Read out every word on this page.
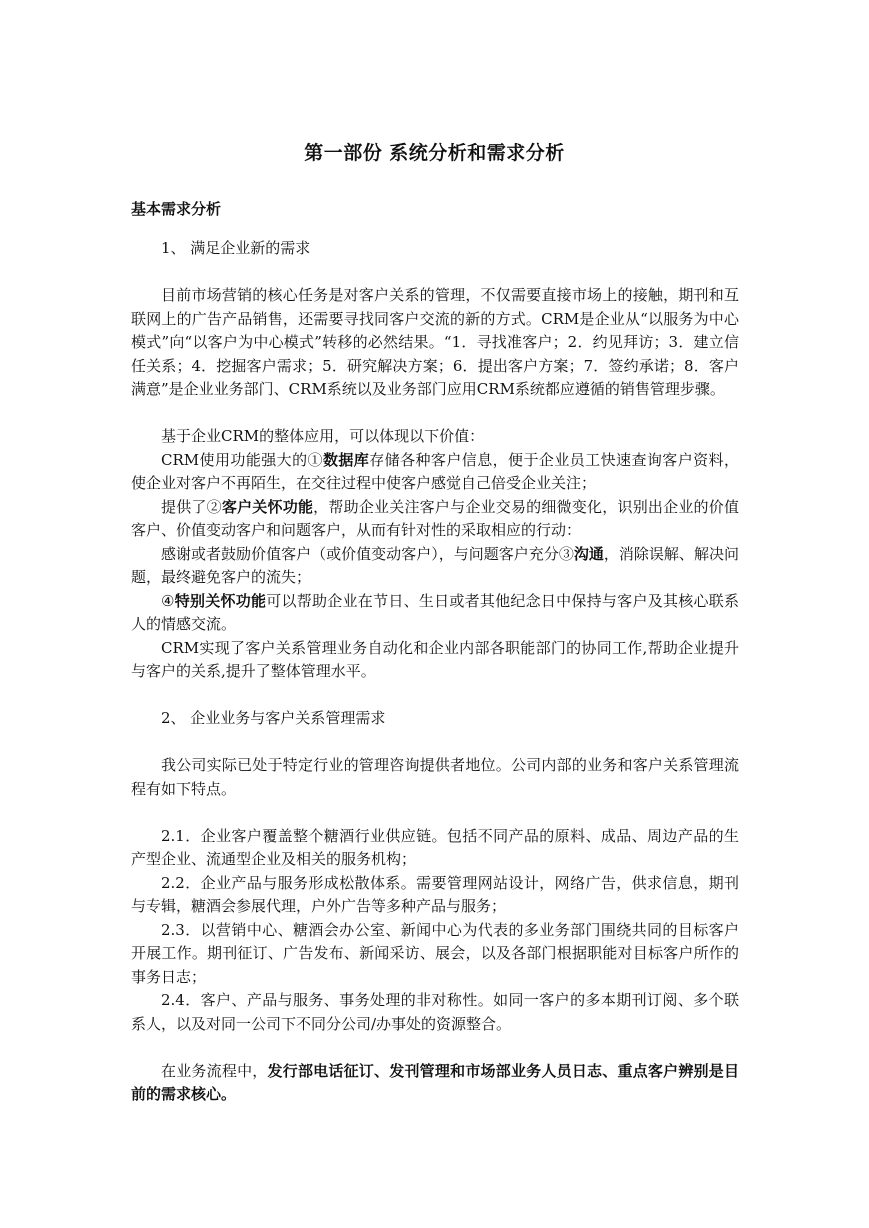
第一部份 系统分析和需求分析
基本需求分析

1、 满足企业新的需求

目前市场营销的核心任务是对客户关系的管理，不仅需要直接市场上的接触，期刊和互联网上的广告产品销售，还需要寻找同客户交流的新的方式。CRM是企业从“以服务为中心模式”向“以客户为中心模式”转移的必然结果。“1．寻找准客户；2．约见拜访；3．建立信任关系；4．挖掘客户需求；5．研究解决方案；6．提出客户方案；7．签约承诺；8．客户满意”是企业业务部门、CRM系统以及业务部门应用CRM系统都应遵循的销售管理步骤。

基于企业CRM的整体应用，可以体现以下价值：

CRM使用功能强大的①数据库存储各种客户信息，便于企业员工快速查询客户资料，使企业对客户不再陌生，在交往过程中使客户感觉自己倍受企业关注；

提供了②客户关怀功能，帮助企业关注客户与企业交易的细微变化，识别出企业的价值客户、价值变动客户和问题客户，从而有针对性的采取相应的行动：

感谢或者鼓励价值客户（或价值变动客户），与问题客户充分③沟通，消除误解、解决问题，最终避免客户的流失；

④特别关怀功能可以帮助企业在节日、生日或者其他纪念日中保持与客户及其核心联系人的情感交流。

CRM实现了客户关系管理业务自动化和企业内部各职能部门的协同工作,帮助企业提升与客户的关系,提升了整体管理水平。

2、 企业业务与客户关系管理需求

我公司实际已处于特定行业的管理咨询提供者地位。公司内部的业务和客户关系管理流程有如下特点。

2.1．企业客户覆盖整个糖酒行业供应链。包括不同产品的原料、成品、周边产品的生产型企业、流通型企业及相关的服务机构；

2.2．企业产品与服务形成松散体系。需要管理网站设计，网络广告，供求信息，期刊与专辑，糖酒会参展代理，户外广告等多种产品与服务；

2.3．以营销中心、糖酒会办公室、新闻中心为代表的多业务部门围绕共同的目标客户开展工作。期刊征订、广告发布、新闻采访、展会，以及各部门根据职能对目标客户所作的事务日志；

2.4．客户、产品与服务、事务处理的非对称性。如同一客户的多本期刊订阅、多个联系人，以及对同一公司下不同分公司/办事处的资源整合。

在业务流程中，发行部电话征订、发刊管理和市场部业务人员日志、重点客户辨别是目前的需求核心。
